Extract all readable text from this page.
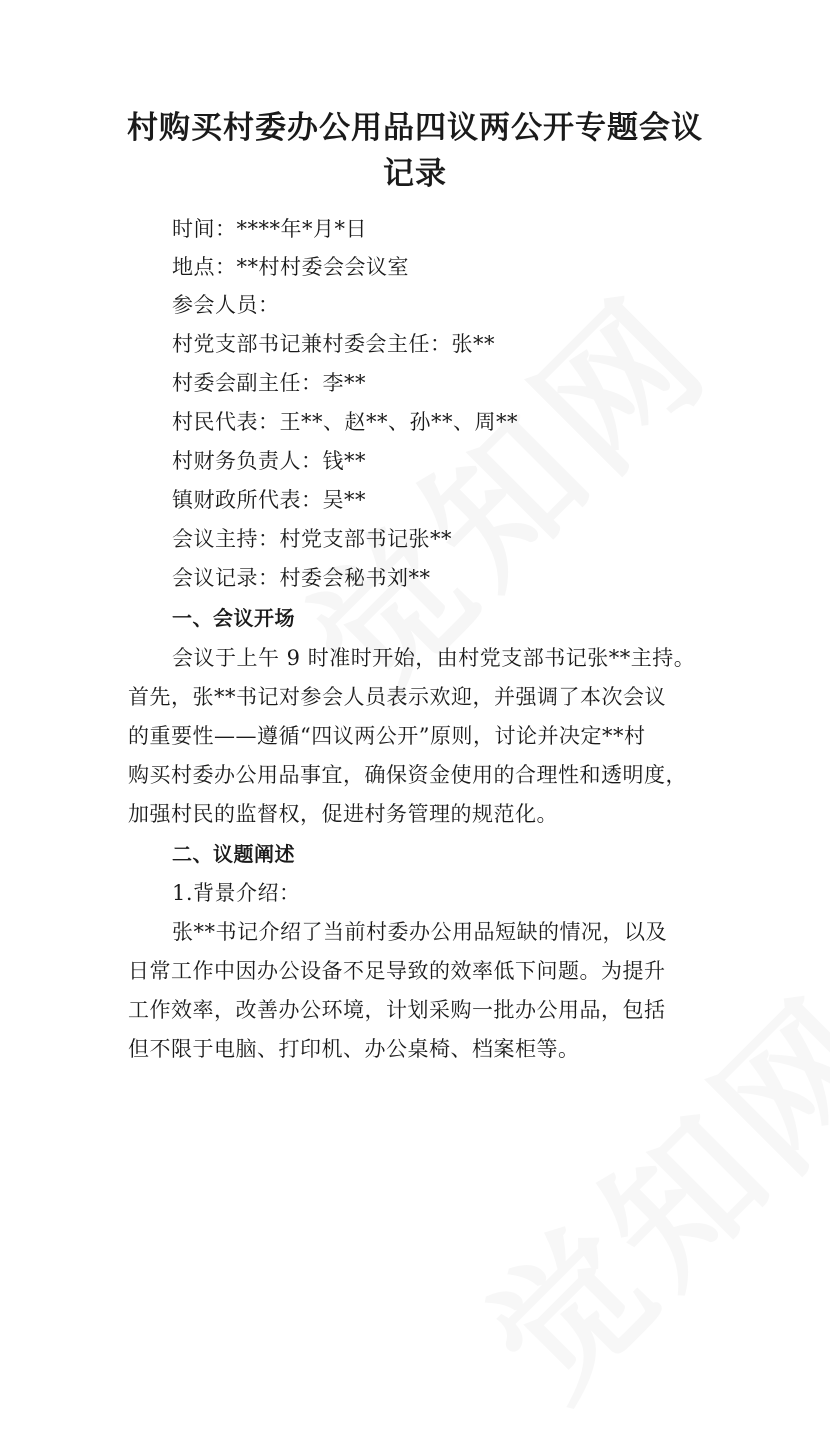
村购买村委办公用品四议两公开专题会议
记录
时间：****年*月*日
地点：**村村委会会议室
参会人员：
村党支部书记兼村委会主任：张**
村委会副主任：李**
村民代表：王**、赵**、孙**、周**
村财务负责人：钱**
镇财政所代表：吴**
会议主持：村党支部书记张**
会议记录：村委会秘书刘**
一、会议开场
会议于上午 9 时准时开始，由村党支部书记张**主持。
首先，张**书记对参会人员表示欢迎，并强调了本次会议
的重要性——遵循“四议两公开”原则，讨论并决定**村
购买村委办公用品事宜，确保资金使用的合理性和透明度，
加强村民的监督权，促进村务管理的规范化。
二、议题阐述
1.背景介绍：
张**书记介绍了当前村委办公用品短缺的情况，以及
日常工作中因办公设备不足导致的效率低下问题。为提升
工作效率，改善办公环境，计划采购一批办公用品，包括
但不限于电脑、打印机、办公桌椅、档案柜等。
